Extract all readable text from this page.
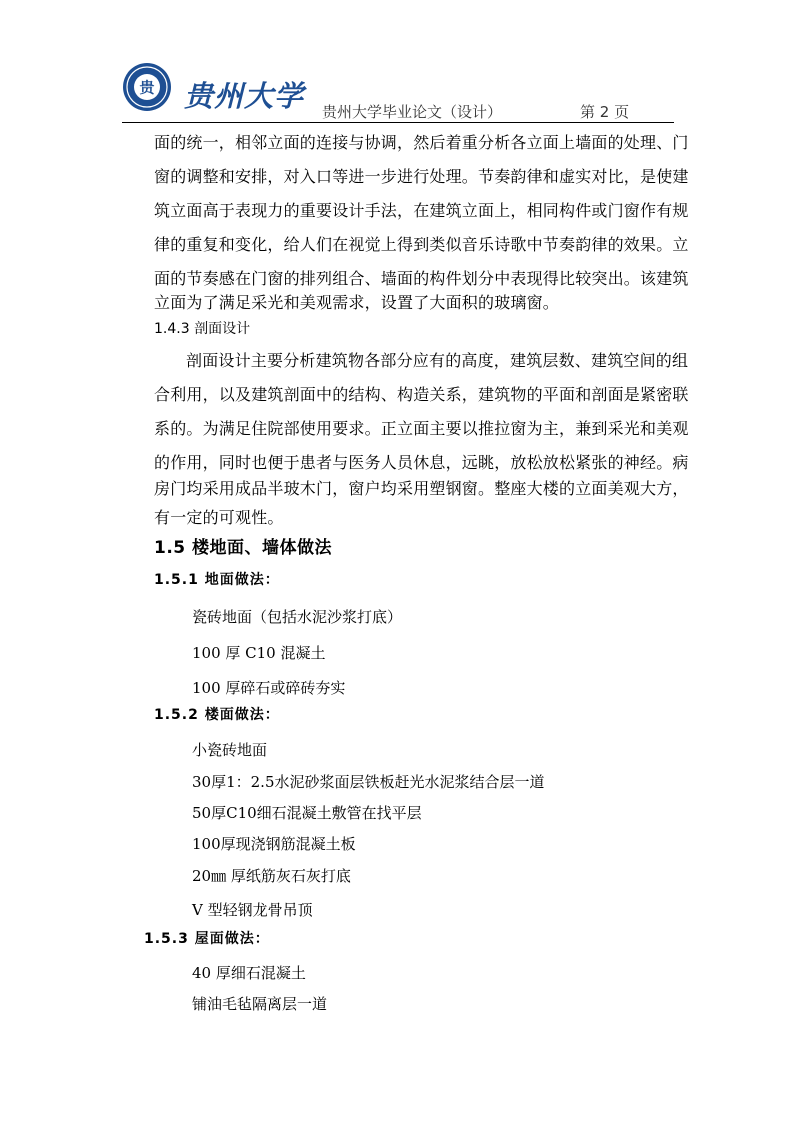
贵 贵州大学 贵州大学毕业论文（设计）	第 2 页
面的统一，相邻立面的连接与协调，然后着重分析各立面上墙面的处理、门
窗的调整和安排，对入口等进一步进行处理。节奏韵律和虚实对比，是使建
筑立面高于表现力的重要设计手法，在建筑立面上，相同构件或门窗作有规
律的重复和变化，给人们在视觉上得到类似音乐诗歌中节奏韵律的效果。立
面的节奏感在门窗的排列组合、墙面的构件划分中表现得比较突出。该建筑
立面为了满足采光和美观需求，设置了大面积的玻璃窗。
1.4.3 剖面设计
剖面设计主要分析建筑物各部分应有的高度，建筑层数、建筑空间的组
合利用，以及建筑剖面中的结构、构造关系，建筑物的平面和剖面是紧密联
系的。为满足住院部使用要求。正立面主要以推拉窗为主，兼到采光和美观
的作用，同时也便于患者与医务人员休息，远眺，放松放松紧张的神经。病
房门均采用成品半玻木门，窗户均采用塑钢窗。整座大楼的立面美观大方，
有一定的可观性。
1.5 楼地面、墙体做法
1.5.1 地面做法：
瓷砖地面（包括水泥沙浆打底）
100 厚 C10 混凝土
100 厚碎石或碎砖夯实
1.5.2 楼面做法：
小瓷砖地面
30厚1：2.5水泥砂浆面层铁板赶光水泥浆结合层一道
50厚C10细石混凝土敷管在找平层
100厚现浇钢筋混凝土板
20㎜ 厚纸筋灰石灰打底
V 型轻钢龙骨吊顶
1.5.3 屋面做法：
40 厚细石混凝土
铺油毛毡隔离层一道
